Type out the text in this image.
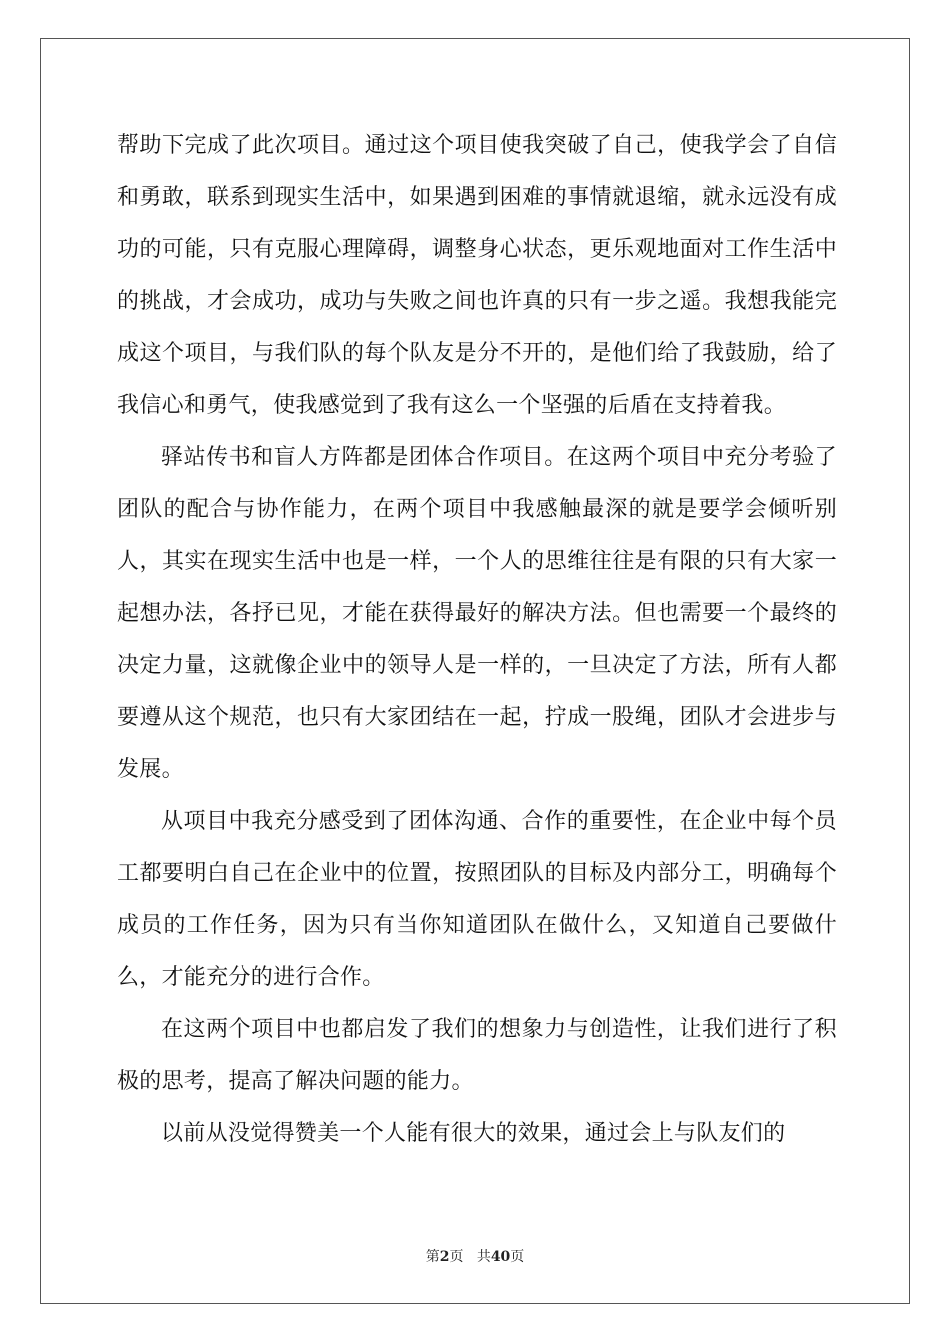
帮助下完成了此次项目。通过这个项目使我突破了自己，使我学会了自信和勇敢，联系到现实生活中，如果遇到困难的事情就退缩，就永远没有成功的可能，只有克服心理障碍，调整身心状态，更乐观地面对工作生活中的挑战，才会成功，成功与失败之间也许真的只有一步之遥。我想我能完成这个项目，与我们队的每个队友是分不开的，是他们给了我鼓励，给了我信心和勇气，使我感觉到了我有这么一个坚强的后盾在支持着我。

驿站传书和盲人方阵都是团体合作项目。在这两个项目中充分考验了团队的配合与协作能力，在两个项目中我感触最深的就是要学会倾听别人，其实在现实生活中也是一样，一个人的思维往往是有限的只有大家一起想办法，各抒已见，才能在获得最好的解决方法。但也需要一个最终的决定力量，这就像企业中的领导人是一样的，一旦决定了方法，所有人都要遵从这个规范，也只有大家团结在一起，拧成一股绳，团队才会进步与发展。

从项目中我充分感受到了团体沟通、合作的重要性，在企业中每个员工都要明白自己在企业中的位置，按照团队的目标及内部分工，明确每个成员的工作任务，因为只有当你知道团队在做什么，又知道自己要做什么，才能充分的进行合作。

在这两个项目中也都启发了我们的想象力与创造性，让我们进行了积极的思考，提高了解决问题的能力。

以前从没觉得赞美一个人能有很大的效果，通过会上与队友们的

第2页 共40页
